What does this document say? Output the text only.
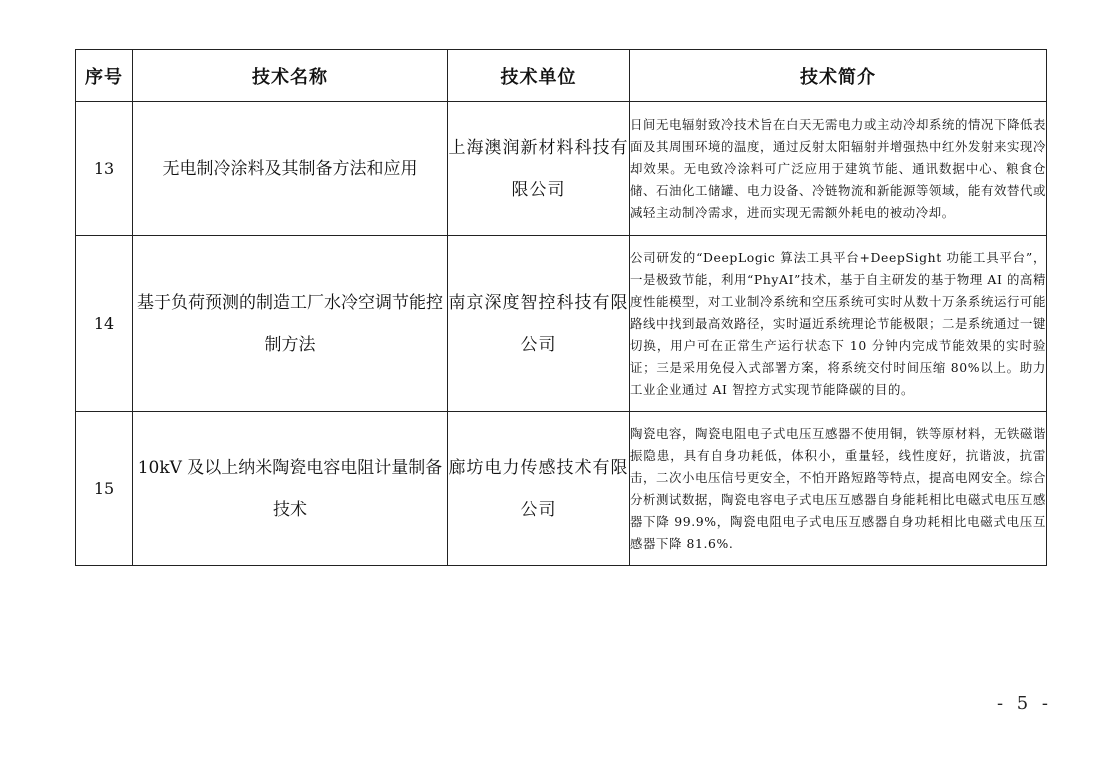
序号	技术名称	技术单位	技术简介
13	无电制冷涂料及其制备方法和应用	上海澳润新材料科技有限公司	日间无电辐射致冷技术旨在白天无需电力或主动冷却系统的情况下降低表面及其周围环境的温度，通过反射太阳辐射并增强热中红外发射来实现冷却效果。无电致冷涂料可广泛应用于建筑节能、通讯数据中心、粮食仓储、石油化工储罐、电力设备、冷链物流和新能源等领域，能有效替代或减轻主动制冷需求，进而实现无需额外耗电的被动冷却。
14	基于负荷预测的制造工厂水冷空调节能控制方法	南京深度智控科技有限公司	公司研发的“DeepLogic 算法工具平台+DeepSight 功能工具平台”，一是极致节能，利用“PhyAI”技术，基于自主研发的基于物理 AI 的高精度性能模型，对工业制冷系统和空压系统可实时从数十万条系统运行可能路线中找到最高效路径，实时逼近系统理论节能极限；二是系统通过一键切换，用户可在正常生产运行状态下 10 分钟内完成节能效果的实时验证；三是采用免侵入式部署方案，将系统交付时间压缩 80%以上。助力工业企业通过 AI 智控方式实现节能降碳的目的。
15	10kV 及以上纳米陶瓷电容电阻计量制备技术	廊坊电力传感技术有限公司	陶瓷电容，陶瓷电阻电子式电压互感器不使用铜，铁等原材料，无铁磁谐振隐患，具有自身功耗低，体积小，重量轻，线性度好，抗谐波，抗雷击，二次小电压信号更安全，不怕开路短路等特点，提高电网安全。综合分析测试数据，陶瓷电容电子式电压互感器自身能耗相比电磁式电压互感器下降 99.9%，陶瓷电阻电子式电压互感器自身功耗相比电磁式电压互感器下降 81.6%.
- 5 -
